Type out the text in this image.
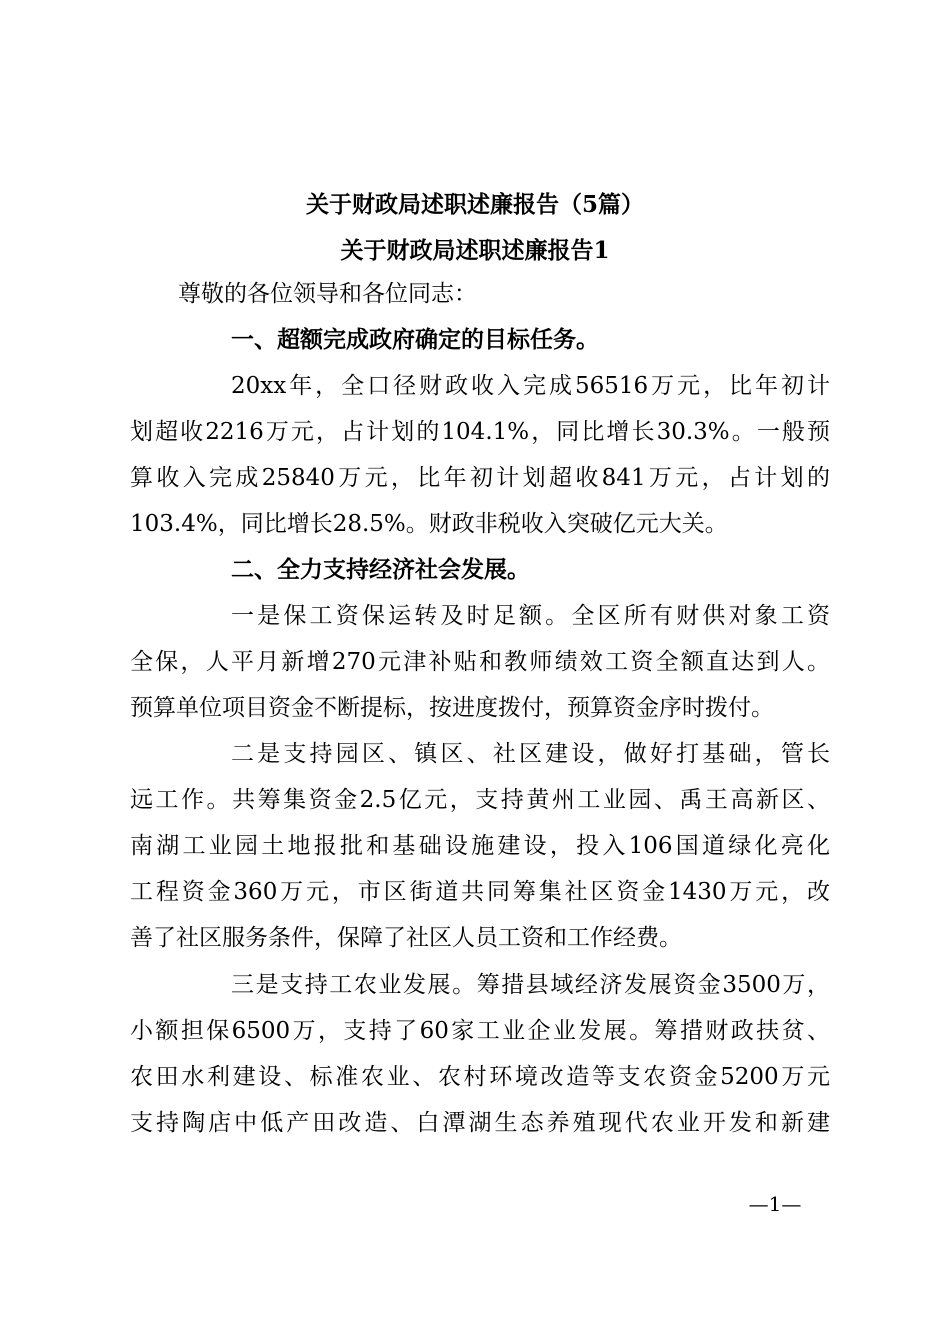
关于财政局述职述廉报告（5篇）
关于财政局述职述廉报告1
尊敬的各位领导和各位同志：
一、超额完成政府确定的目标任务。
20xx年，全口径财政收入完成56516万元，比年初计
划超收2216万元，占计划的104.1%，同比增长30.3%。一般预
算收入完成25840万元，比年初计划超收841万元，占计划的
103.4%，同比增长28.5%。财政非税收入突破亿元大关。
二、全力支持经济社会发展。
一是保工资保运转及时足额。全区所有财供对象工资
全保，人平月新增270元津补贴和教师绩效工资全额直达到人。
预算单位项目资金不断提标，按进度拨付，预算资金序时拨付。
二是支持园区、镇区、社区建设，做好打基础，管长
远工作。共筹集资金2.5亿元，支持黄州工业园、禹王高新区、
南湖工业园土地报批和基础设施建设，投入106国道绿化亮化
工程资金360万元，市区街道共同筹集社区资金1430万元，改
善了社区服务条件，保障了社区人员工资和工作经费。
三是支持工农业发展。筹措县域经济发展资金3500万，
小额担保6500万，支持了60家工业企业发展。筹措财政扶贫、
农田水利建设、标准农业、农村环境改造等支农资金5200万元
支持陶店中低产田改造、白潭湖生态养殖现代农业开发和新建
—1—
